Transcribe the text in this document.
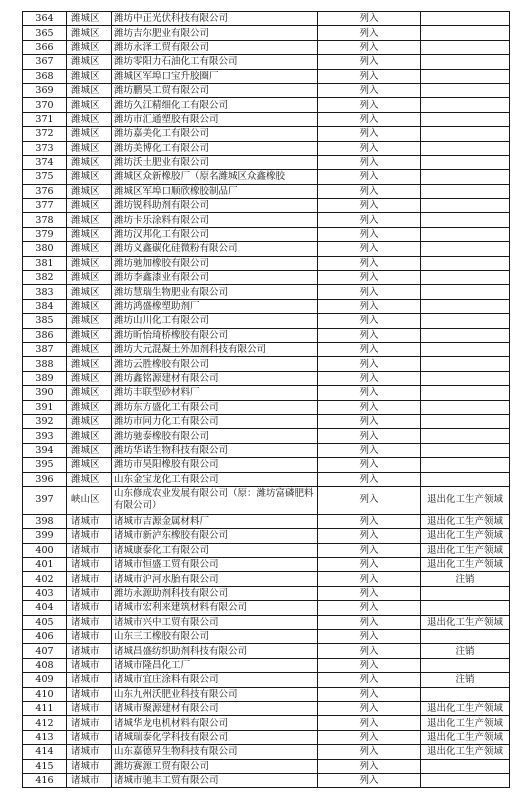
364	潍城区	潍坊中正光伏科技有限公司	列入	
365	潍城区	潍坊吉尔肥业有限公司	列入	
366	潍城区	潍坊永泽工贸有限公司	列入	
367	潍城区	潍坊零阳力石油化工有限公司	列入	
368	潍城区	潍城区军埠口宝升胶圈厂	列入	
369	潍城区	潍坊鹏昊工贸有限公司	列入	
370	潍城区	潍坊久江精细化工有限公司	列入	
371	潍城区	潍坊市汇通塑胶有限公司	列入	
372	潍城区	潍坊嘉美化工有限公司	列入	
373	潍城区	潍坊美博化工有限公司	列入	
374	潍城区	潍坊沃土肥业有限公司	列入	
375	潍城区	潍城区众新橡胶厂（原名潍城区众鑫橡胶	列入	
376	潍城区	潍城区军埠口顺欣橡胶制品厂	列入	
377	潍城区	潍坊锐科助剂有限公司	列入	
378	潍城区	潍坊卡乐涂料有限公司	列入	
379	潍城区	潍坊汉邦化工有限公司	列入	
380	潍城区	潍坊义鑫碳化硅微粉有限公司	列入	
381	潍城区	潍坊驰加橡胶有限公司	列入	
382	潍城区	潍坊李鑫漆业有限公司	列入	
383	潍城区	潍坊慧瑞生物肥业有限公司	列入	
384	潍城区	潍坊鸿盛橡塑助剂厂	列入	
385	潍城区	潍坊山川化工有限公司	列入	
386	潍城区	潍坊昕怡琦桥橡胶有限公司	列入	
387	潍城区	潍坊大元混凝土外加剂科技有限公司	列入	
388	潍城区	潍坊云胜橡胶有限公司	列入	
389	潍城区	潍坊鑫铭源建材有限公司	列入	
390	潍城区	潍坊丰联型砂材料厂	列入	
391	潍城区	潍坊东方盛化工有限公司	列入	
392	潍城区	潍坊市同力化工有限公司	列入	
393	潍城区	潍坊驰泰橡胶有限公司	列入	
394	潍城区	潍坊华诺生物科技有限公司	列入	
395	潍城区	潍坊市昊阳橡胶有限公司	列入	
396	潍城区	山东金宝龙化工有限公司	列入	
397	峡山区	山东修成农业发展有限公司（原：潍坊富磷肥料有限公司）	列入	退出化工生产领域
398	诸城市	诸城市吉源金属材料厂	列入	退出化工生产领域
399	诸城市	诸城市新泸东橡胶有限公司	列入	退出化工生产领域
400	诸城市	诸城康泰化工有限公司	列入	退出化工生产领域
401	诸城市	诸城市恒盛工贸有限公司	列入	退出化工生产领域
402	诸城市	诸城市沪河水胎有限公司	列入	注销
403	诸城市	潍坊永源助剂科技有限公司	列入	
404	诸城市	诸城市宏利来建筑材料有限公司	列入	
405	诸城市	诸城市兴中工贸有限公司	列入	退出化工生产领域
406	诸城市	山东三工橡胶有限公司	列入	
407	诸城市	诸城昌盛纺织助剂科技有限公司	列入	注销
408	诸城市	诸城市隆昌化工厂	列入	
409	诸城市	诸城市宜庄涂料有限公司	列入	注销
410	诸城市	山东九州沃肥业科技有限公司	列入	
411	诸城市	诸城市聚源建材有限公司	列入	退出化工生产领域
412	诸城市	诸城华龙电机材料有限公司	列入	退出化工生产领域
413	诸城市	诸城瑞泰化学科技有限公司	列入	退出化工生产领域
414	诸城市	山东嘉德昇生物科技有限公司	列入	退出化工生产领域
415	诸城市	潍坊赛源工贸有限公司	列入	
416	诸城市	诸城市驰丰工贸有限公司	列入	
